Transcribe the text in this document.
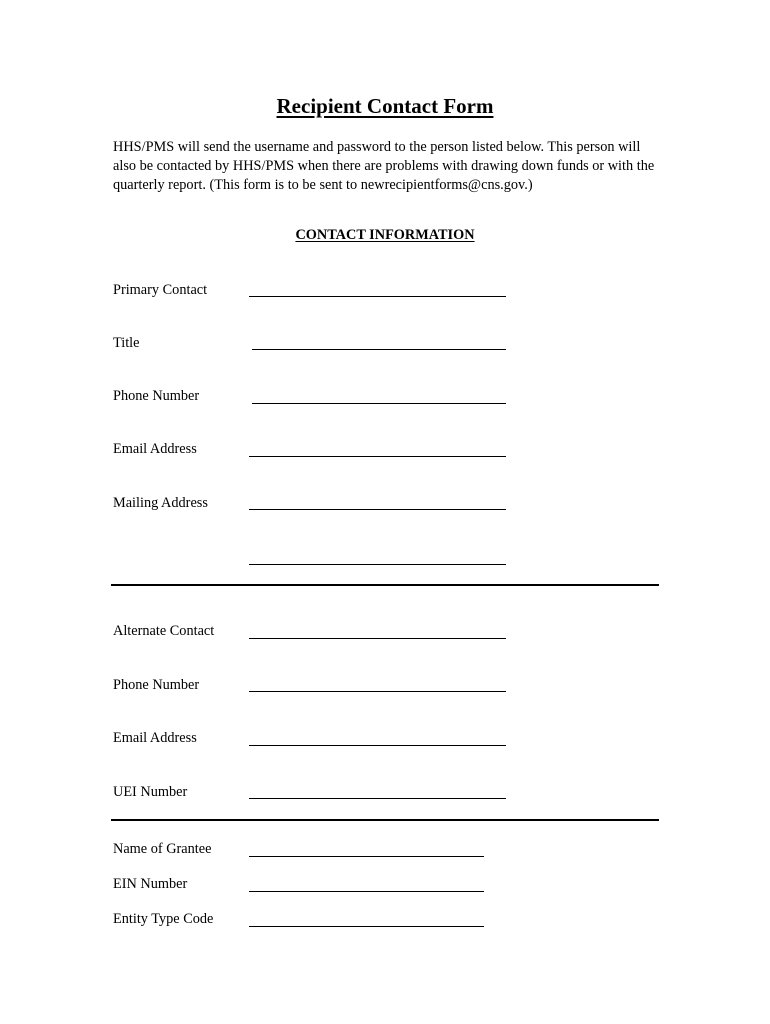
Recipient Contact Form

HHS/PMS will send the username and password to the person listed below. This person will also be contacted by HHS/PMS when there are problems with drawing down funds or with the quarterly report. (This form is to be sent to newrecipientforms@cns.gov.)

CONTACT INFORMATION
Primary Contact
Title
Phone Number
Email Address
Mailing Address
Alternate Contact
Phone Number
Email Address
UEI Number
Name of Grantee
EIN Number
Entity Type Code
